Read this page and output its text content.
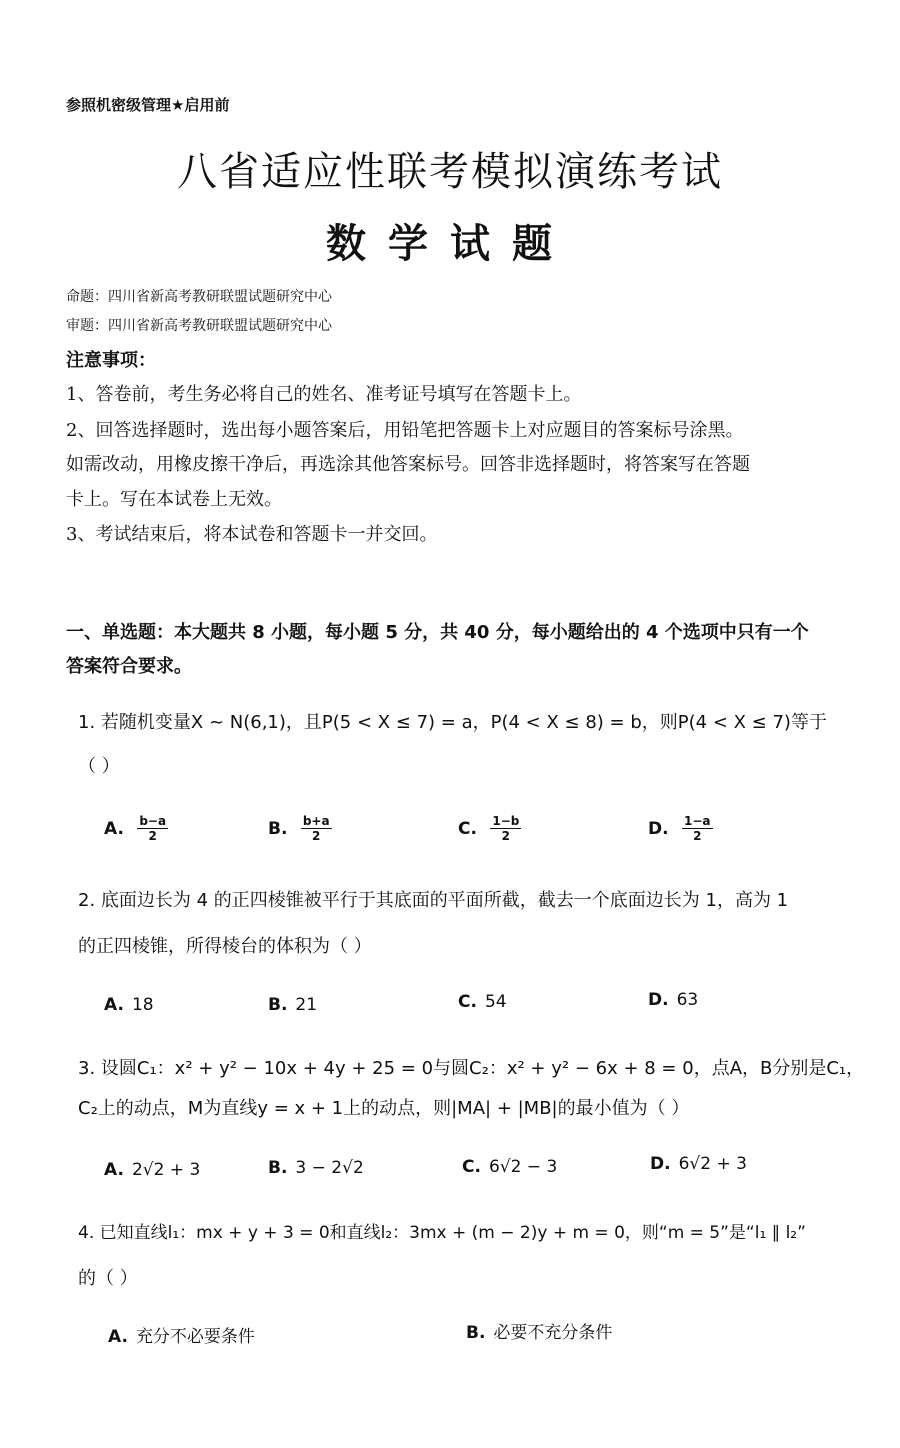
参照机密级管理★启用前
八省适应性联考模拟演练考试
数学试题
命题：四川省新高考教研联盟试题研究中心
审题：四川省新高考教研联盟试题研究中心
注意事项：
1、答卷前，考生务必将自己的姓名、准考证号填写在答题卡上。
2、回答选择题时，选出每小题答案后，用铅笔把答题卡上对应题目的答案标号涂黑。
如需改动，用橡皮擦干净后，再选涂其他答案标号。回答非选择题时，将答案写在答题
卡上。写在本试卷上无效。
3、考试结束后，将本试卷和答题卡一并交回。
一、单选题：本大题共 8 小题，每小题 5 分，共 40 分，每小题给出的 4 个选项中只有一个
答案符合要求。
1. 若随机变量X ~ N(6,1)，且P(5 < X ≤ 7) = a，P(4 < X ≤ 8) = b，则P(4 < X ≤ 7)等于
（ ）
A. $\frac{b-a}{2}$	B. $\frac{b+a}{2}$	C. $\frac{1-b}{2}$	D. $\frac{1-a}{2}$
2. 底面边长为 4 的正四棱锥被平行于其底面的平面所截，截去一个底面边长为 1，高为 1
的正四棱锥，所得棱台的体积为（ ）
A. 18	B. 21	C. 54	D. 63
3. 设圆C₁：x² + y² − 10x + 4y + 25 = 0与圆C₂：x² + y² − 6x + 8 = 0，点A，B分别是C₁，
C₂上的动点，M为直线y = x + 1上的动点，则|MA| + |MB|的最小值为（ ）
A. 2√2 + 3	B. 3 − 2√2	C. 6√2 − 3	D. 6√2 + 3
4. 已知直线l₁：mx + y + 3 = 0和直线l₂：3mx + (m − 2)y + m = 0，则“m = 5”是“l₁ ∥ l₂”
的（ ）
A. 充分不必要条件	B. 必要不充分条件
